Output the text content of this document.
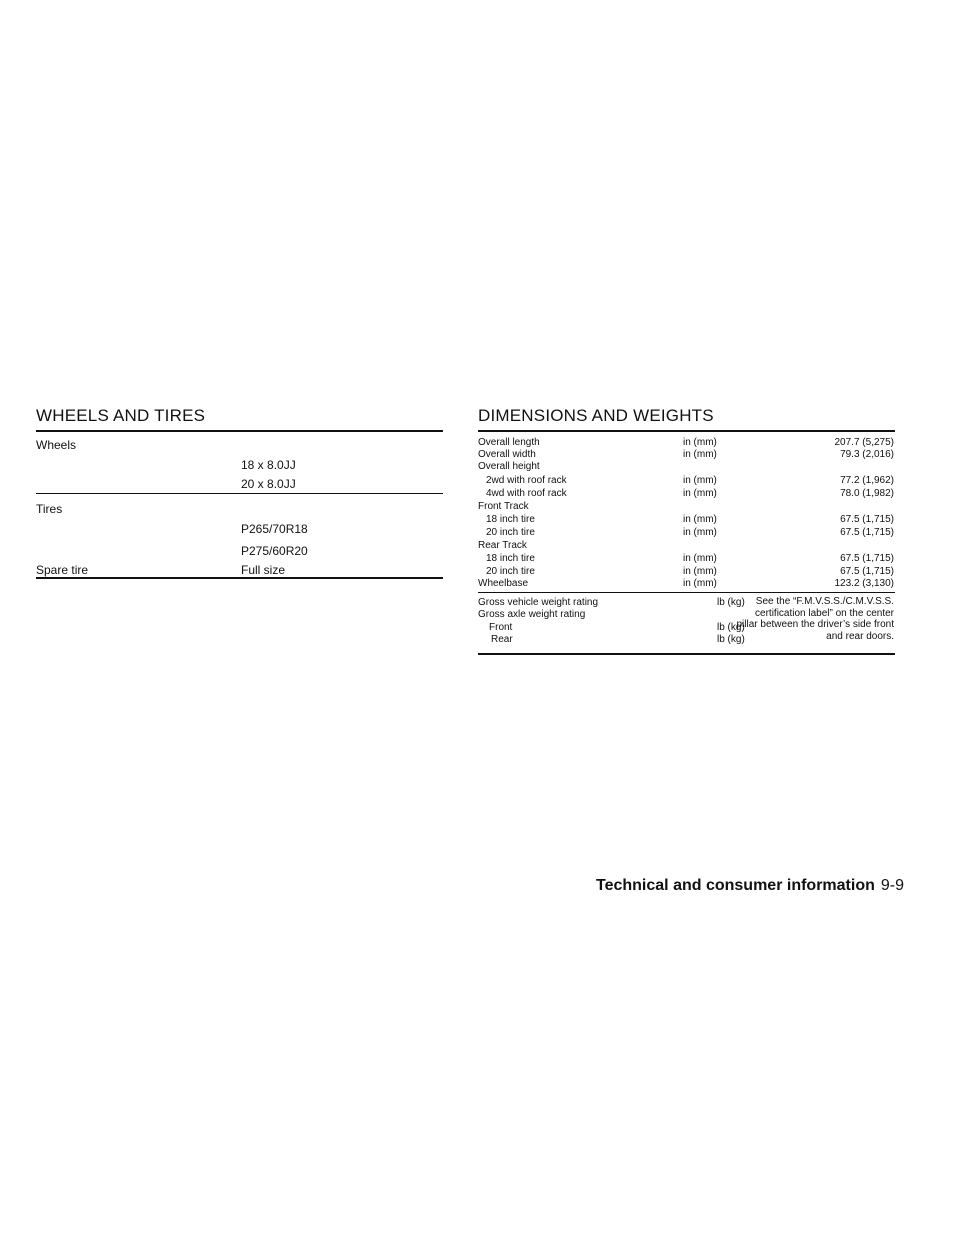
WHEELS AND TIRES
Wheels
18 x 8.0JJ
20 x 8.0JJ
Tires
P265/70R18
P275/60R20
Spare tire	Full size
DIMENSIONS AND WEIGHTS
Overall length	in (mm)	207.7 (5,275)
Overall width	in (mm)	79.3 (2,016)
Overall height
2wd with roof rack	in (mm)	77.2 (1,962)
4wd with roof rack	in (mm)	78.0 (1,982)
Front Track
18 inch tire	in (mm)	67.5 (1,715)
20 inch tire	in (mm)	67.5 (1,715)
Rear Track
18 inch tire	in (mm)	67.5 (1,715)
20 inch tire	in (mm)	67.5 (1,715)
Wheelbase	in (mm)	123.2 (3,130)
Gross vehicle weight rating	lb (kg)
Gross axle weight rating
Front	lb (kg)
Rear	lb (kg)
See the “F.M.V.S.S./C.M.V.S.S. certification label” on the center pillar between the driver’s side front and rear doors.
Technical and consumer information 9-9
